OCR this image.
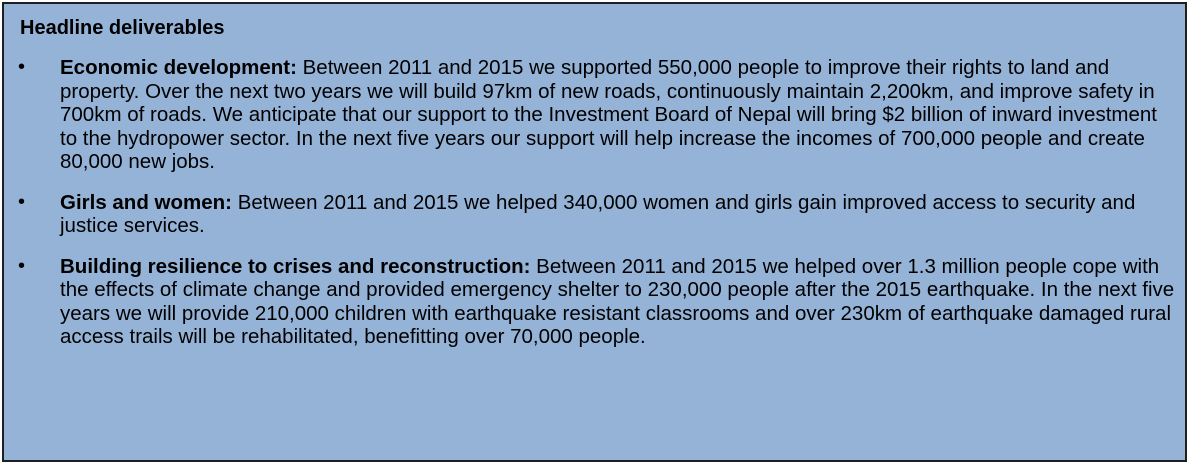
Headline deliverables
• Economic development: Between 2011 and 2015 we supported 550,000 people to improve their rights to land and property. Over the next two years we will build 97km of new roads, continuously maintain 2,200km, and improve safety in 700km of roads. We anticipate that our support to the Investment Board of Nepal will bring $2 billion of inward investment to the hydropower sector. In the next five years our support will help increase the incomes of 700,000 people and create 80,000 new jobs.
• Girls and women: Between 2011 and 2015 we helped 340,000 women and girls gain improved access to security and justice services.
• Building resilience to crises and reconstruction: Between 2011 and 2015 we helped over 1.3 million people cope with the effects of climate change and provided emergency shelter to 230,000 people after the 2015 earthquake. In the next five years we will provide 210,000 children with earthquake resistant classrooms and over 230km of earthquake damaged rural access trails will be rehabilitated, benefitting over 70,000 people.
